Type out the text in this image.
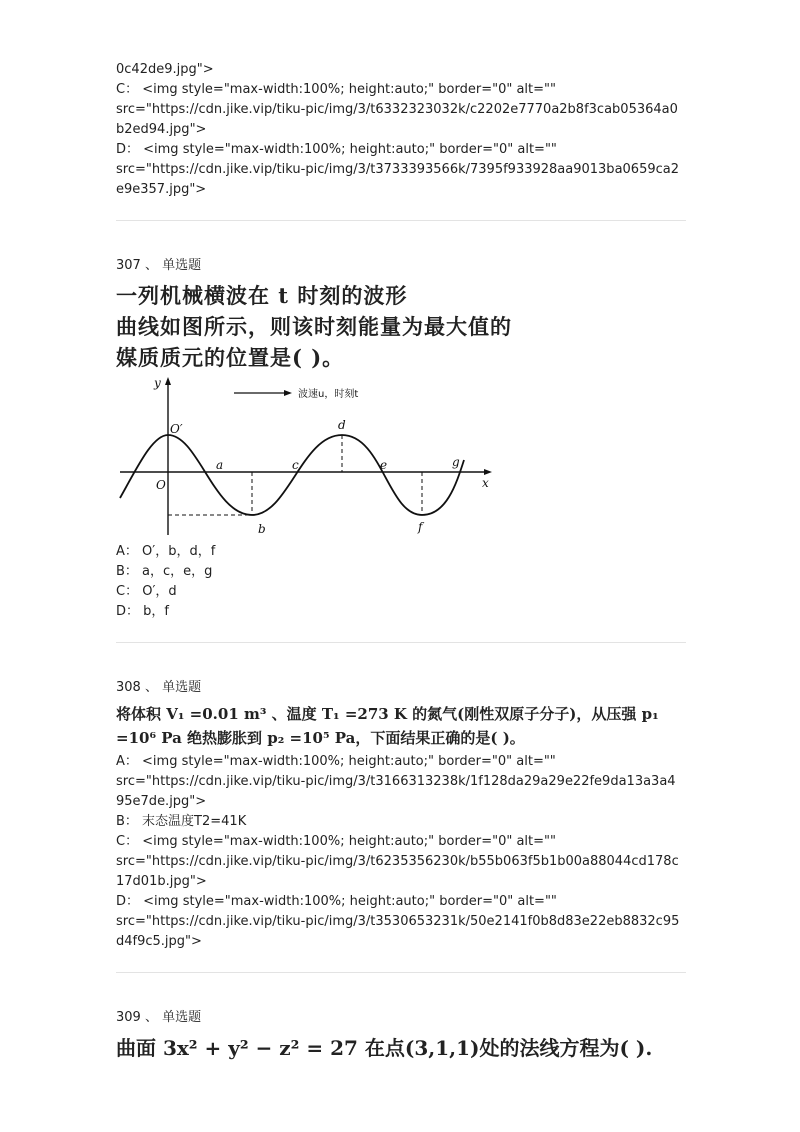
0c42de9.jpg">
C： <img style="max-width:100%; height:auto;" border="0" alt=""
src="https://cdn.jike.vip/tiku-pic/img/3/t6332323032k/c2202e7770a2b8f3cab05364a0
b2ed94.jpg">
D： <img style="max-width:100%; height:auto;" border="0" alt=""
src="https://cdn.jike.vip/tiku-pic/img/3/t3733393566k/7395f933928aa9013ba0659ca2
e9e357.jpg">
307 、 单选题
一列机械横波在 t 时刻的波形
曲线如图所示，则该时刻能量为最大值的
媒质质元的位置是( )。
波速u，时刻t
y
x
O
O′
a
b
c
d
e
f
g
A： O′，b，d，f
B： a，c，e，g
C： O′，d
D： b，f
308 、 单选题
将体积 V₁ =0.01 m³ 、温度 T₁ =273 K 的氮气(刚性双原子分子)，从压强 p₁
=10⁶ Pa 绝热膨胀到 p₂ =10⁵ Pa，下面结果正确的是( )。
A： <img style="max-width:100%; height:auto;" border="0" alt=""
src="https://cdn.jike.vip/tiku-pic/img/3/t3166313238k/1f128da29a29e22fe9da13a3a4
95e7de.jpg">
B： 末态温度T2=41K
C： <img style="max-width:100%; height:auto;" border="0" alt=""
src="https://cdn.jike.vip/tiku-pic/img/3/t6235356230k/b55b063f5b1b00a88044cd178c
17d01b.jpg">
D： <img style="max-width:100%; height:auto;" border="0" alt=""
src="https://cdn.jike.vip/tiku-pic/img/3/t3530653231k/50e2141f0b8d83e22eb8832c95
d4f9c5.jpg">
309 、 单选题
曲面 3x² + y² − z² = 27 在点(3,1,1)处的法线方程为( ).
